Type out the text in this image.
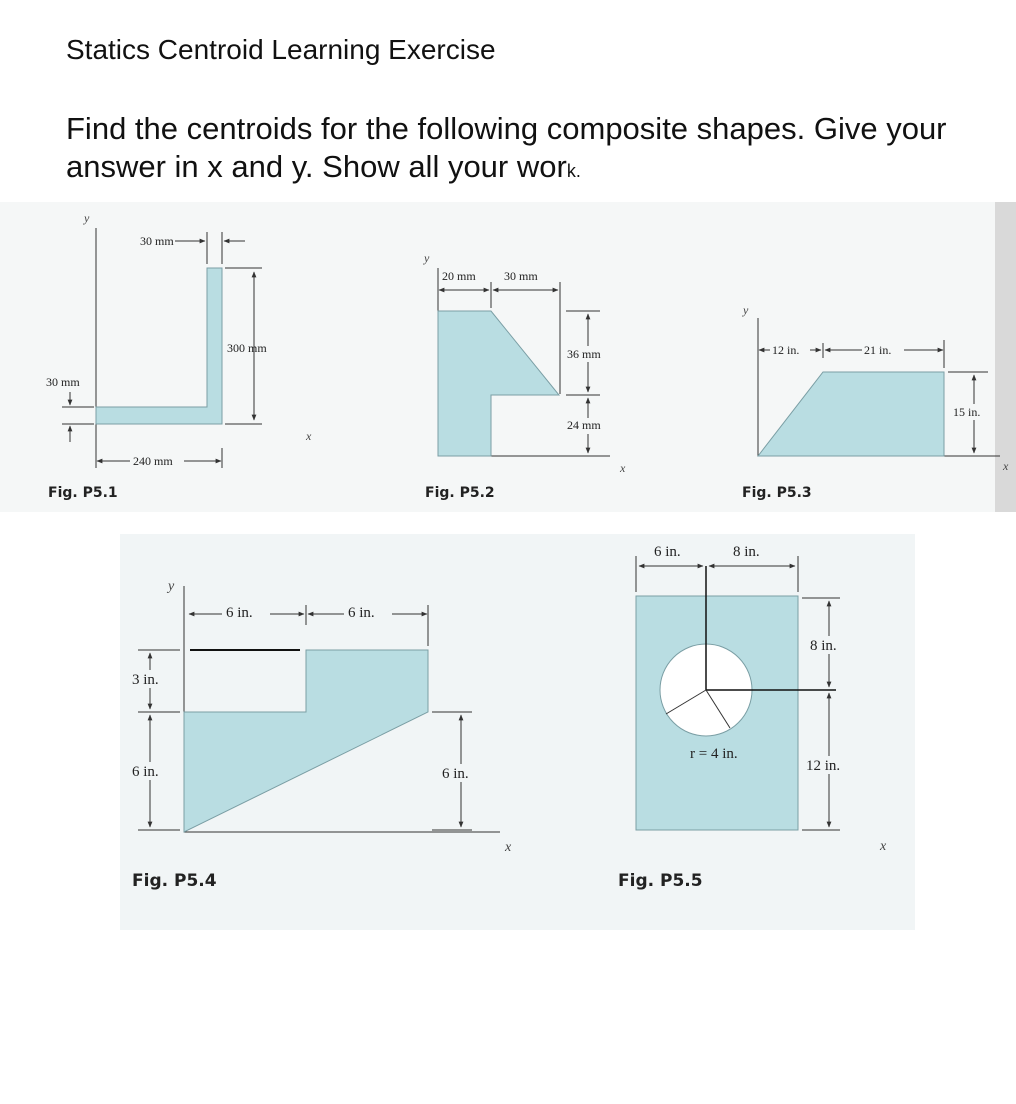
Statics Centroid Learning Exercise
Find the centroids for the following composite shapes. Give your answer in x and y. Show all your work.
y
x
30 mm
300 mm
30 mm
240 mm
Fig. P5.1
y
x
20 mm 30 mm
36 mm
24 mm
Fig. P5.2
y
x
12 in.	21 in.
15 in.
Fig. P5.3
y
x
6 in.	6 in.
3 in.
6 in.	6 in.
Fig. P5.4
r = 4 in.
6 in.	8 in.
8 in.
12 in.
x
Fig. P5.5
